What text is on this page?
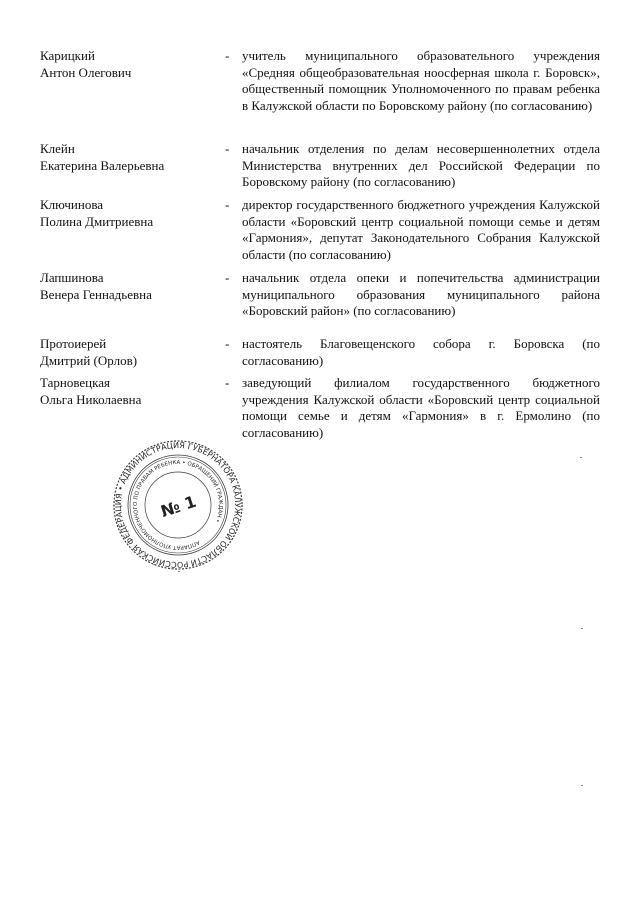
Карицкий
Антон Олегович
- учитель муниципального образовательного учреждения «Средняя общеобразовательная ноосферная школа г. Боровск», общественный помощник Уполномоченного по правам ребенка в Калужской области по Боровскому району (по согласованию)
Клейн
Екатерина Валерьевна
- начальник отделения по делам несовершеннолетних отдела Министерства внутренних дел Российской Федерации по Боровскому району (по согласованию)
Ключинова
Полина Дмитриевна
- директор государственного бюджетного учреждения Калужской области «Боровский центр социальной помощи семье и детям «Гармония», депутат Законодательного Собрания Калужской области (по согласованию)
Лапшинова
Венера Геннадьевна
- начальник отдела опеки и попечительства администрации муниципального образования муниципального района «Боровский район» (по согласованию)
Протоиерей
Дмитрий (Орлов)
- настоятель Благовещенского собора г. Боровска (по согласованию)
Тарновецкая
Ольга Николаевна
- заведующий филиалом государственного бюджетного учреждения Калужской области «Боровский центр социальной помощи семье и детям «Гармония» в г. Ермолино (по согласованию)
РОССИЙСКАЯ ФЕДЕРАЦИЯ • АДМИНИСТРАЦИЯ ГУБЕРНАТОРА КАЛУЖСКОЙ ОБЛАСТИ
АППАРАТ УПОЛНОМОЧЕННОГО ПО ПРАВАМ РЕБЕНКА • ОБРАЩЕНИЙ ГРАЖДАН •
№ 1
